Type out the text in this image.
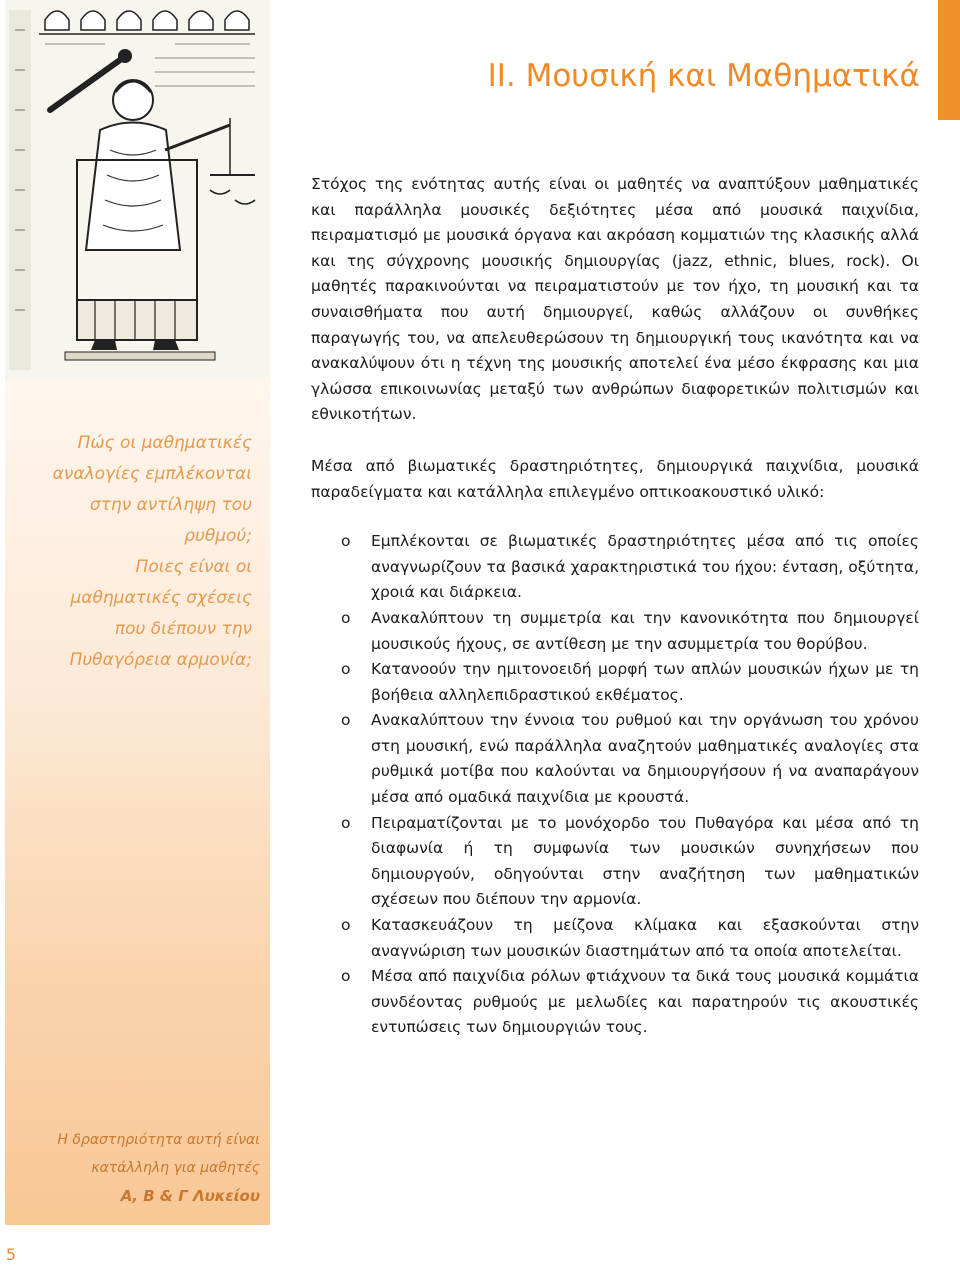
Πώς οι μαθηματικές

αναλογίες εμπλέκονται

στην αντίληψη του

ρυθμού;

Ποιες είναι οι

μαθηματικές σχέσεις

που διέπουν την

Πυθαγόρεια αρμονία;

Η δραστηριότητα αυτή είναι
κατάλληλη για μαθητές
Α, Β & Γ Λυκείου
ΙΙ. Μουσική και Μαθηματικά

Στόχος της ενότητας αυτής είναι οι μαθητές να αναπτύξουν μαθηματικές και παράλληλα μουσικές δεξιότητες μέσα από μουσικά παιχνίδια, πειραματισμό με μουσικά όργανα και ακρόαση κομματιών της κλασικής αλλά και της σύγχρονης μουσικής δημιουργίας (jazz, ethnic, blues, rock). Οι μαθητές παρακινούνται να πειραματιστούν με τον ήχο, τη μουσική και τα συναισθήματα που αυτή δημιουργεί, καθώς αλλάζουν οι συνθήκες παραγωγής του, να απελευθερώσουν τη δημιουργική τους ικανότητα και να ανακαλύψουν ότι η τέχνη της μουσικής αποτελεί ένα μέσο έκφρασης και μια γλώσσα επικοινωνίας μεταξύ των ανθρώπων διαφορετικών πολιτισμών και εθνικοτήτων.

Μέσα από βιωματικές δραστηριότητες, δημιουργικά παιχνίδια, μουσικά παραδείγματα και κατάλληλα επιλεγμένο οπτικοακουστικό υλικό:

o Εμπλέκονται σε βιωματικές δραστηριότητες μέσα από τις οποίες αναγνωρίζουν τα βασικά χαρακτηριστικά του ήχου: ένταση, οξύτητα, χροιά και διάρκεια.
o Ανακαλύπτουν τη συμμετρία και την κανονικότητα που δημιουργεί μουσικούς ήχους, σε αντίθεση με την ασυμμετρία του θορύβου.
o Κατανοούν την ημιτονοειδή μορφή των απλών μουσικών ήχων με τη βοήθεια αλληλεπιδραστικού εκθέματος.
o Ανακαλύπτουν την έννοια του ρυθμού και την οργάνωση του χρόνου στη μουσική, ενώ παράλληλα αναζητούν μαθηματικές αναλογίες στα ρυθμικά μοτίβα που καλούνται να δημιουργήσουν ή να αναπαράγουν μέσα από ομαδικά παιχνίδια με κρουστά.
o Πειραματίζονται με το μονόχορδο του Πυθαγόρα και μέσα από τη διαφωνία ή τη συμφωνία των μουσικών συνηχήσεων που δημιουργούν, οδηγούνται στην αναζήτηση των μαθηματικών σχέσεων που διέπουν την αρμονία.
o Κατασκευάζουν τη μείζονα κλίμακα και εξασκούνται στην αναγνώριση των μουσικών διαστημάτων από τα οποία αποτελείται.
o Μέσα από παιχνίδια ρόλων φτιάχνουν τα δικά τους μουσικά κομμάτια συνδέοντας ρυθμούς με μελωδίες και παρατηρούν τις ακουστικές εντυπώσεις των δημιουργιών τους.
5
